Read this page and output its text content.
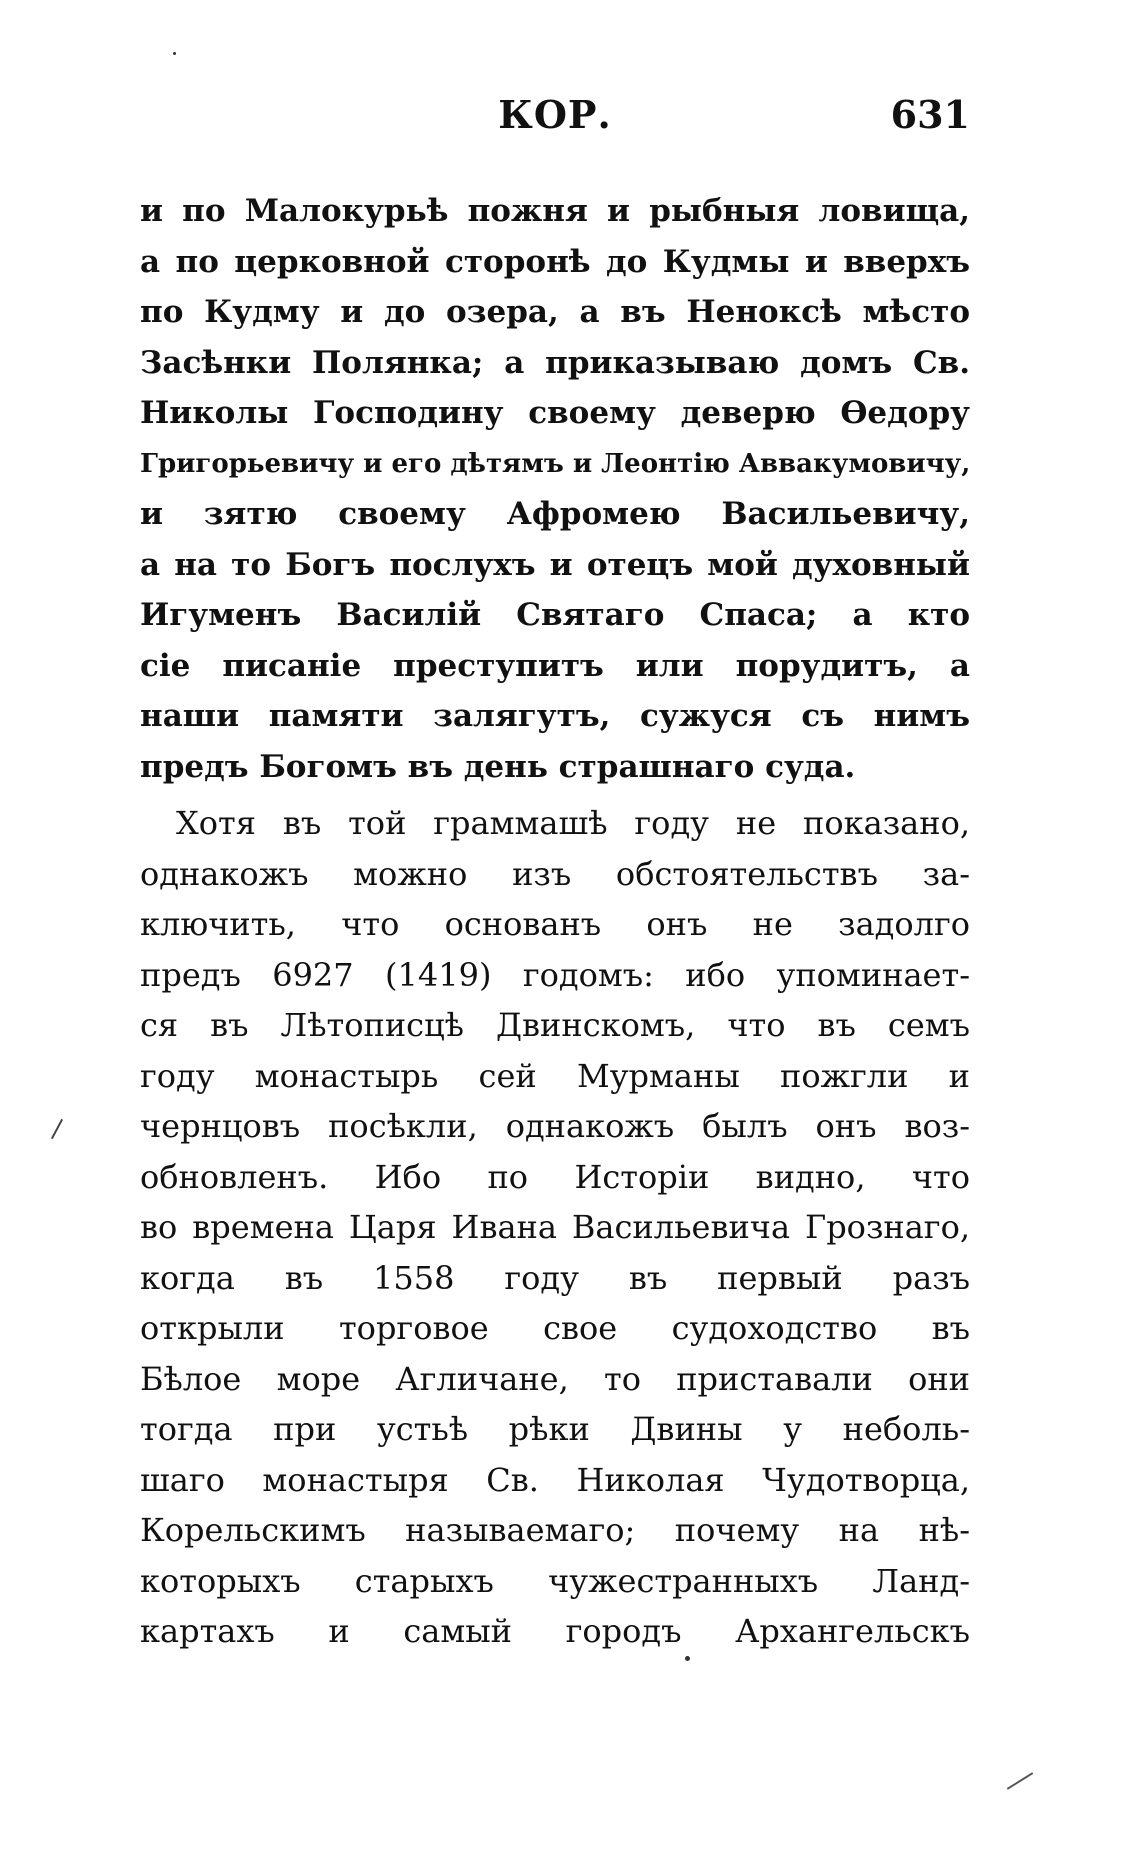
КОР.	631
и по Малокурьѣ пожня и рыбныя ловища,
а по церковной сторонѣ до Кудмы и вверхъ
по Кудму и до озера, а въ Неноксѣ мѣсто
Засѣнки Полянка; а приказываю домъ Св.
Николы Господину своему деверю Ѳедору
Григорьевичу и его дѣтямъ и Леонтію Аввакумовичу,
и зятю своему Афромею Васильевичу,
а на то Богъ послухъ и отецъ мой духовный
Игуменъ Василій Святаго Спаса; а кто
сіе писаніе преступитъ или порудитъ, а
наши памяти залягутъ, сужуся съ нимъ
предъ Богомъ въ день страшнаго суда.
Хотя въ той граммашѣ году не показано,
однакожъ можно изъ обстоятельствъ за-
ключить, что основанъ онъ не задолго
предъ 6927 (1419) годомъ: ибо упоминает-
ся въ Лѣтописцѣ Двинскомъ, что въ семъ
году монастырь сей Мурманы пожгли и
чернцовъ посѣкли, однакожъ былъ онъ воз-
обновленъ. Ибо по Исторіи видно, что
во времена Царя Ивана Васильевича Грознаго,
когда въ 1558 году въ первый разъ
открыли торговое свое судоходство въ
Бѣлое море Агличане, то приставали они
тогда при устьѣ рѣки Двины у неболь-
шаго монастыря Св. Николая Чудотворца,
Корельскимъ называемаго; почему на нѣ-
которыхъ старыхъ чужестранныхъ Ланд-
картахъ и самый городъ Архангельскъ
